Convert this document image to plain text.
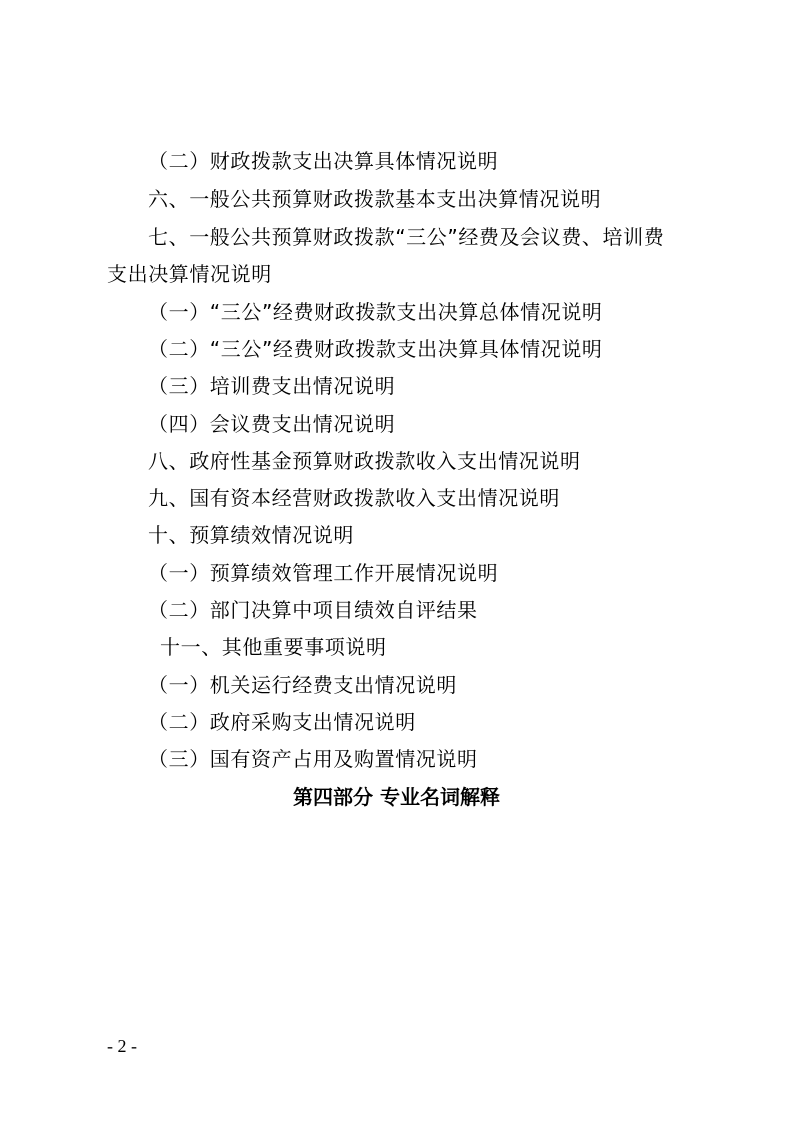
（二）财政拨款支出决算具体情况说明
六、一般公共预算财政拨款基本支出决算情况说明
七、一般公共预算财政拨款“三公”经费及会议费、培训费
支出决算情况说明
（一）“三公”经费财政拨款支出决算总体情况说明
（二）“三公”经费财政拨款支出决算具体情况说明
（三）培训费支出情况说明
（四）会议费支出情况说明
八、政府性基金预算财政拨款收入支出情况说明
九、国有资本经营财政拨款收入支出情况说明
十、预算绩效情况说明
（一）预算绩效管理工作开展情况说明
（二）部门决算中项目绩效自评结果
十一、其他重要事项说明
（一）机关运行经费支出情况说明
（二）政府采购支出情况说明
（三）国有资产占用及购置情况说明
第四部分 专业名词解释
- 2 -
